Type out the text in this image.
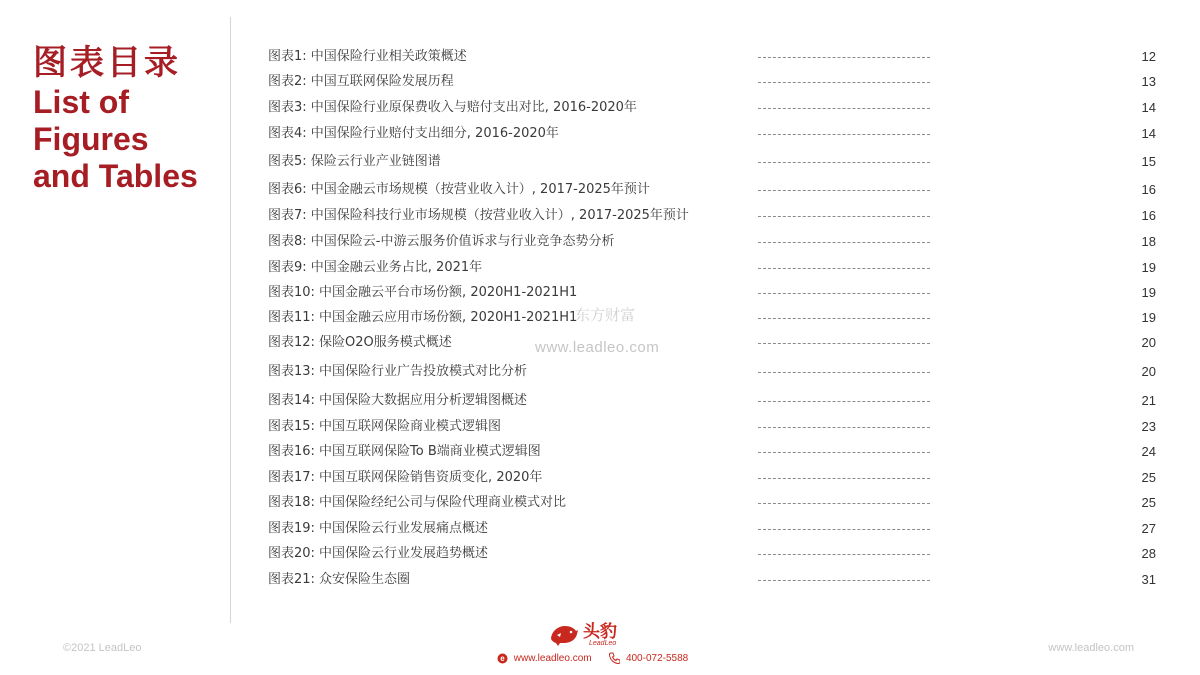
图表目录
List of
Figures
and Tables
图表1: 中国保险行业相关政策概述	12
图表2: 中国互联网保险发展历程	13
图表3: 中国保险行业原保费收入与赔付支出对比, 2016-2020年	14
图表4: 中国保险行业赔付支出细分, 2016-2020年	14
图表5: 保险云行业产业链图谱	15
图表6: 中国金融云市场规模（按营业收入计）, 2017-2025年预计	16
图表7: 中国保险科技行业市场规模（按营业收入计）, 2017-2025年预计	16
图表8: 中国保险云-中游云服务价值诉求与行业竞争态势分析	18
图表9: 中国金融云业务占比, 2021年	19
图表10: 中国金融云平台市场份额, 2020H1-2021H1	19
图表11: 中国金融云应用市场份额, 2020H1-2021H1	19
图表12: 保险O2O服务模式概述	20
图表13: 中国保险行业广告投放模式对比分析	20
图表14: 中国保险大数据应用分析逻辑图概述	21
图表15: 中国互联网保险商业模式逻辑图	23
图表16: 中国互联网保险To B端商业模式逻辑图	24
图表17: 中国互联网保险销售资质变化, 2020年	25
图表18: 中国保险经纪公司与保险代理商业模式对比	25
图表19: 中国保险云行业发展痛点概述	27
图表20: 中国保险云行业发展趋势概述	28
图表21: 众安保险生态圈	31
东方财富
www.leadleo.com
©2021 LeadLeo	www.leadleo.com
头豹
LeadLeo
e www.leadleo.com	400-072-5588
